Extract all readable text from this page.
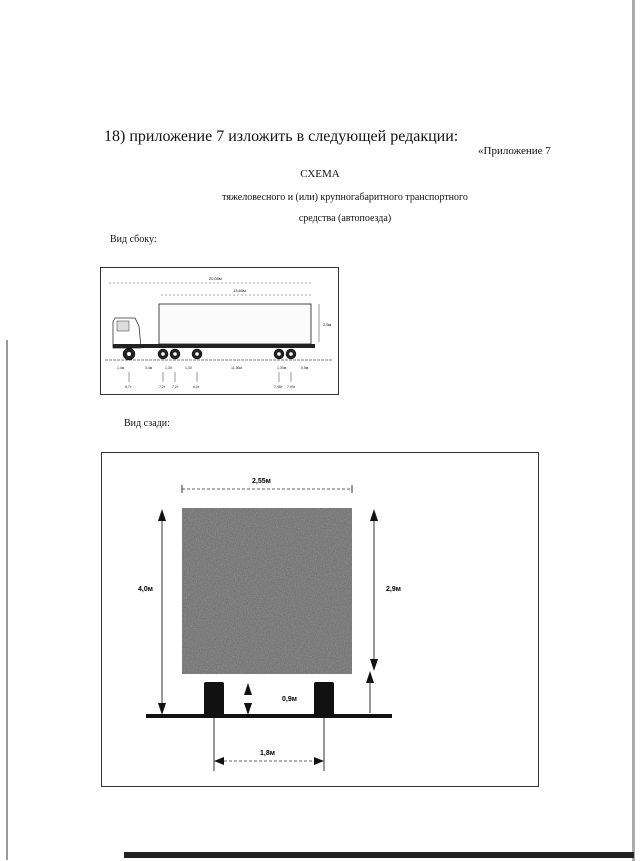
18) приложение 7 изложить в следующей редакции:
«Приложение 7
СХЕМА
тяжеловесного и (или) крупногабаритного транспортного
средства (автопоезда)
Вид сбоку:
20,00м
13,60м
2,5м
1,4м	3,4м	1,30	1,30	11,36м	1,30м	0,5м
6,7т	7,2т 7,2т	6,0т	7,48т 7,00т
Вид сзади:
2,55м
4,0м	2,9м
0,9м
1,8м
